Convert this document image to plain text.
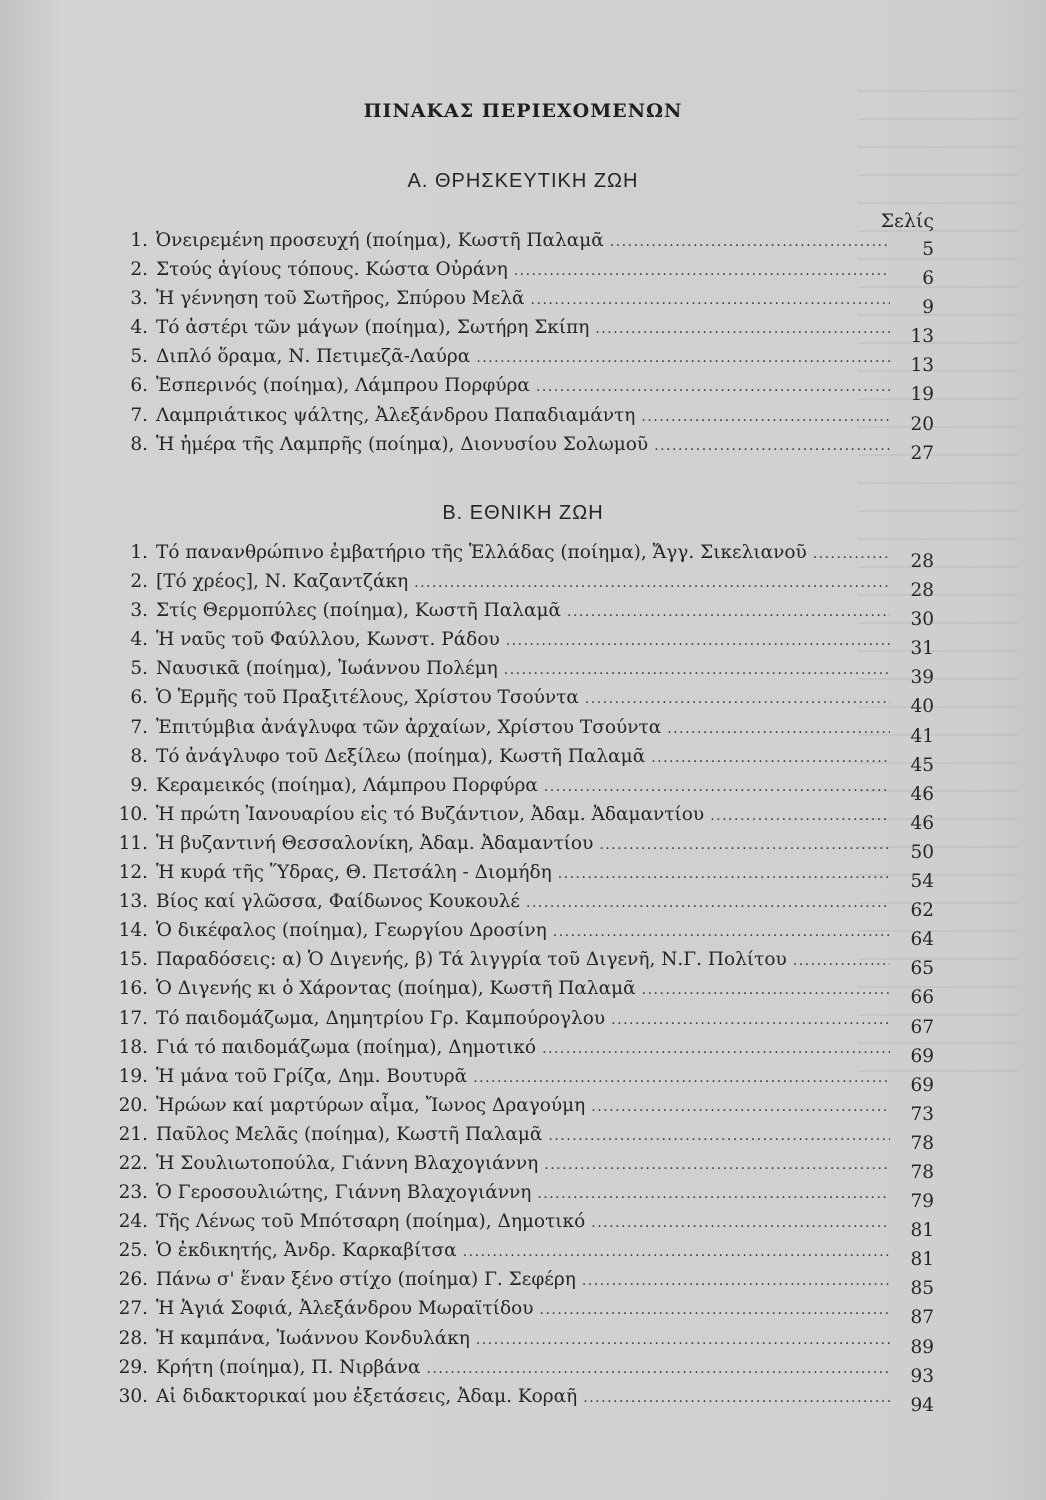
ΠΙΝΑΚΑΣ ΠΕΡΙΕΧΟΜΕΝΩΝ
Α. ΘΡΗΣΚΕΥΤΙΚΗ ΖΩΗ
Σελίς
1. Ὀνειρεμένη προσευχή (ποίημα), Κωστῆ Παλαμᾶ .....	5
2. Στούς ἁγίους τόπους. Κώστα Οὐράνη .....	6
3. Ἡ γέννηση τοῦ Σωτῆρος, Σπύρου Μελᾶ .....	9
4. Τό ἀστέρι τῶν μάγων (ποίημα), Σωτήρη Σκίπη .....	13
5. Διπλό ὅραμα, Ν. Πετιμεζᾶ-Λαύρα .....	13
6. Ἑσπερινός (ποίημα), Λάμπρου Πορφύρα .....	19
7. Λαμπριάτικος ψάλτης, Ἀλεξάνδρου Παπαδιαμάντη .....	20
8. Ἡ ἡμέρα τῆς Λαμπρῆς (ποίημα), Διονυσίου Σολωμοῦ .....	27
Β. ΕΘΝΙΚΗ ΖΩΗ
1. Τό πανανθρώπινο ἐμβατήριο τῆς Ἑλλάδας (ποίημα), Ἄγγ. Σικελιανοῦ .....	28
2. [Τό χρέος], Ν. Καζαντζάκη .....	28
3. Στίς Θερμοπύλες (ποίημα), Κωστῆ Παλαμᾶ .....	30
4. Ἡ ναῦς τοῦ Φαύλλου, Κωνστ. Ράδου .....	31
5. Ναυσικᾶ (ποίημα), Ἰωάννου Πολέμη .....	39
6. Ὁ Ἑρμῆς τοῦ Πραξιτέλους, Χρίστου Τσούντα .....	40
7. Ἐπιτύμβια ἀνάγλυφα τῶν ἀρχαίων, Χρίστου Τσούντα .....	41
8. Τό ἀνάγλυφο τοῦ Δεξίλεω (ποίημα), Κωστῆ Παλαμᾶ .....	45
9. Κεραμεικός (ποίημα), Λάμπρου Πορφύρα .....	46
10. Ἡ πρώτη Ἰανουαρίου εἰς τό Βυζάντιον, Ἀδαμ. Ἀδαμαντίου .....	46
11. Ἡ βυζαντινή Θεσσαλονίκη, Ἀδαμ. Ἀδαμαντίου .....	50
12. Ἡ κυρά τῆς Ὕδρας, Θ. Πετσάλη - Διομήδη .....	54
13. Βίος καί γλῶσσα, Φαίδωνος Κουκουλέ .....	62
14. Ὁ δικέφαλος (ποίημα), Γεωργίου Δροσίνη .....	64
15. Παραδόσεις: α) Ὁ Διγενής, β) Τά λιγγρία τοῦ Διγενῆ, Ν.Γ. Πολίτου .....	65
16. Ὁ Διγενής κι ὁ Χάροντας (ποίημα), Κωστῆ Παλαμᾶ .....	66
17. Τό παιδομάζωμα, Δημητρίου Γρ. Καμπούρογλου .....	67
18. Γιά τό παιδομάζωμα (ποίημα), Δημοτικό .....	69
19. Ἡ μάνα τοῦ Γρίζα, Δημ. Βουτυρᾶ .....	69
20. Ἡρώων καί μαρτύρων αἷμα, Ἴωνος Δραγούμη .....	73
21. Παῦλος Μελᾶς (ποίημα), Κωστῆ Παλαμᾶ .....	78
22. Ἡ Σουλιωτοπούλα, Γιάννη Βλαχογιάννη .....	78
23. Ὁ Γεροσουλιώτης, Γιάννη Βλαχογιάννη .....	79
24. Τῆς Λένως τοῦ Μπότσαρη (ποίημα), Δημοτικό .....	81
25. Ὁ ἐκδικητής, Ἀνδρ. Καρκαβίτσα .....	81
26. Πάνω σ' ἕναν ξένο στίχο (ποίημα) Γ. Σεφέρη .....	85
27. Ἡ Ἁγιά Σοφιά, Ἀλεξάνδρου Μωραϊτίδου .....	87
28. Ἡ καμπάνα, Ἰωάννου Κονδυλάκη .....	89
29. Κρήτη (ποίημα), Π. Νιρβάνα .....	93
30. Αἱ διδακτορικαί μου ἐξετάσεις, Ἀδαμ. Κοραῆ .....	94
